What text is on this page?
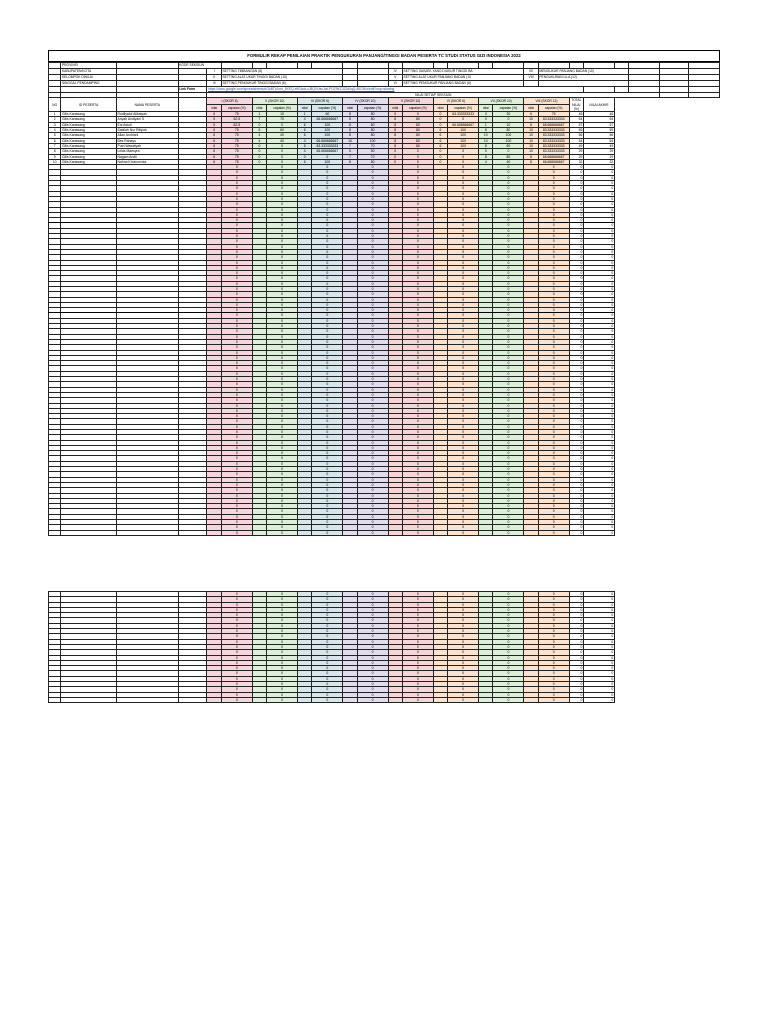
FORMULIR REKAP PENILAIAN PRAKTIK PENGUKURAN PANJANG/TINGGI BADAN PESERTA TC STUDI STATUS GIZI INDONESIA 2022
	PROVINSI		KODE SEKSIUN																						
	KABUPATEN/KOTA			I	SETTING TIMBANGAN (6)							IV	SETTING SUBJEK YANG DIUKUR TINGGI BA					VII	MENGUKUR PANJANG BADAN (10)						
	KELOMPOK DINILAI			II	SETTING ALAT UKUR TINGGI BADAN (10)							V	SETTING ALAT UKUR PANJANG BADAN (10					VIII	PENGUKURAN LILA (12)						
	SINGGAL PENDAMPING			III	SETTING PENGUKUR TINGGI BADAN (6)							VI	SETTING PENGUKUR PANJANG BADAN (6)												
			Link Form	https://docs.google.com/spreadsheets/d/1kBTkJnrn_8XEQ-e9Gkdx-zJ8QVUeuJwLPOZ9KZJ2Zd0qQ-80C9Kx/edit?usp=sharing																					
				NILAI SETIAP SEKSIUN																					
NO	ID PESERTA	NAMA PESERTA		I (SKOR 6)		II (SKOR 10)		III (SKOR 6)		IV (SKOR 10)		V (SKOR 10)		VI (SKOR 6)		VII (SKOR 10)		VIII (SKOR 12)		TOTAL NILAI (%)	NILAI AKHIR				
				nilai	capaian (%)	nilai	capaian (%)	nilai	capaian (%)	nilai	capaian (%)	nilai	capaian (%)	nilai	capaian (%)	nilai	capaian (%)	nilai	capaian (%)						
1	Gilis Karawang	Rodliyatul Alibaiyah		6	75	1	10	1	60	8	80	0	0	0	63.333333333	3	30	6	75	46	46				
2	Gilis Karawang	Anyah Andiyani S		5	62.5	7	70	4	66.666666667	8	80	8	80	0	0	0	0	10	83.333333333	54	54				
3	Gilis Karawang	Eni Astuti		5	62.5	0	0	6	100	8	80	8	80	0	66.666666667	1	10	8	66.666666667	57	57				
4	Gilis Karawang	Sabilah Nur Rifqiah		6	75	6	60	6	100	8	80	8	80	6	100	8	80	10	83.333333333	59	59				
5	Gilis Karawang	Allan Andriani		6	75	4	40	6	100	8	80	8	80	6	100	10	100	10	83.333333333	56	56				
6	Gilis Karawang	Bes Rahayu		6	75	4	40	4	66.666666667	10	100	8	80	6	100	10	100	10	83.333333333	54	54				
7	Gilis Karawang	Putri Wasatiyah		6	75	0	0	5	83.333333333	7	70	8	80	6	100	8	80	10	83.333333333	49	49				
8	Gilis Karawang	Lelas Maesyra		6	75	0	0	4	66.666666667	5	50	0	0	0	0	0	0	10	83.333333333	29	29				
9	Gilis Karawang	Nagam Andii		6	75	0	0	0	0	7	70	0	0	0	0	8	80	8	66.666666667	29	29				
10	Gilis Karawang	Nahna Khoirunnisa		6	75	0	0	6	100	8	80	0	0	0	0	4	40	8	66.666666667	32	32				
					0		0		0		0		0		0		0		0	0	0				
					0		0		0		0		0		0		0		0	0	0				
					0		0		0		0		0		0		0		0	0	0				
					0		0		0		0		0		0		0		0	0	0				
					0		0		0		0		0		0		0		0	0	0				
					0		0		0		0		0		0		0		0	0	0				
					0		0		0		0		0		0		0		0	0	0				
					0		0		0		0		0		0		0		0	0	0				
					0		0		0		0		0		0		0		0	0	0				
					0		0		0		0		0		0		0		0	0	0				
					0		0		0		0		0		0		0		0	0	0				
					0		0		0		0		0		0		0		0	0	0				
					0		0		0		0		0		0		0		0	0	0				
					0		0		0		0		0		0		0		0	0	0				
					0		0		0		0		0		0		0		0	0	0				
					0		0		0		0		0		0		0		0	0	0				
					0		0		0		0		0		0		0		0	0	0				
					0		0		0		0		0		0		0		0	0	0				
					0		0		0		0		0		0		0		0	0	0				
					0		0		0		0		0		0		0		0	0	0				
					0		0		0		0		0		0		0		0	0	0				
					0		0		0		0		0		0		0		0	0	0				
					0		0		0		0		0		0		0		0	0	0				
					0		0		0		0		0		0		0		0	0	0				
					0		0		0		0		0		0		0		0	0	0				
					0		0		0		0		0		0		0		0	0	0				
					0		0		0		0		0		0		0		0	0	0				
					0		0		0		0		0		0		0		0	0	0				
					0		0		0		0		0		0		0		0	0	0				
					0		0		0		0		0		0		0		0	0	0				
					0		0		0		0		0		0		0		0	0	0				
					0		0		0		0		0		0		0		0	0	0				
					0		0		0		0		0		0		0		0	0	0				
					0		0		0		0		0		0		0		0	0	0				
					0		0		0		0		0		0		0		0	0	0				
					0		0		0		0		0		0		0		0	0	0				
					0		0		0		0		0		0		0		0	0	0				
					0		0		0		0		0		0		0		0	0	0				
					0		0		0		0		0		0		0		0	0	0				
					0		0		0		0		0		0		0		0	0	0				
					0		0		0		0		0		0		0		0	0	0				
					0		0		0		0		0		0		0		0	0	0				
					0		0		0		0		0		0		0		0	0	0				
					0		0		0		0		0		0		0		0	0	0				
					0		0		0		0		0		0		0		0	0	0				
					0		0		0		0		0		0		0		0	0	0				
					0		0		0		0		0		0		0		0	0	0				
					0		0		0		0		0		0		0		0	0	0				
					0		0		0		0		0		0		0		0	0	0				
					0		0		0		0		0		0		0		0	0	0				
					0		0		0		0		0		0		0		0	0	0				
					0		0		0		0		0		0		0		0	0	0				
					0		0		0		0		0		0		0		0	0	0				
					0		0		0		0		0		0		0		0	0	0				
					0		0		0		0		0		0		0		0	0	0				
					0		0		0		0		0		0		0		0	0	0				
					0		0		0		0		0		0		0		0	0	0				
					0		0		0		0		0		0		0		0	0	0				
					0		0		0		0		0		0		0		0	0	0				
					0		0		0		0		0		0		0		0	0	0				
					0		0		0		0		0		0		0		0	0	0				
					0		0		0		0		0		0		0		0	0	0				
					0		0		0		0		0		0		0		0	0	0				
					0		0		0		0		0		0		0		0	0	0				
					0		0		0		0		0		0		0		0	0	0				
					0		0		0		0		0		0		0		0	0	0				
					0		0		0		0		0		0		0		0	0	0				
					0		0		0		0		0		0		0		0	0	0				
					0		0		0		0		0		0		0		0	0	0				
					0		0		0		0		0		0		0		0	0	0				
					0		0		0		0		0		0		0		0	0	0
					0		0		0		0		0		0		0		0	0	0
					0		0		0		0		0		0		0		0	0	0
					0		0		0		0		0		0		0		0	0	0
					0		0		0		0		0		0		0		0	0	0
					0		0		0		0		0		0		0		0	0	0
					0		0		0		0		0		0		0		0	0	0
					0		0		0		0		0		0		0		0	0	0
					0		0		0		0		0		0		0		0	0	0
					0		0		0		0		0		0		0		0	0	0
					0		0		0		0		0		0		0		0	0	0
					0		0		0		0		0		0		0		0	0	0
					0		0		0		0		0		0		0		0	0	0
					0		0		0		0		0		0		0		0	0	0
					0		0		0		0		0		0		0		0	0	0
					0		0		0		0		0		0		0		0	0	0
					0		0		0		0		0		0		0		0	0	0
					0		0		0		0		0		0		0		0	0	0
					0		0		0		0		0		0		0		0	0	0
					0		0		0		0		0		0		0		0	0	0
					0		0		0		0		0		0		0		0	0	0
